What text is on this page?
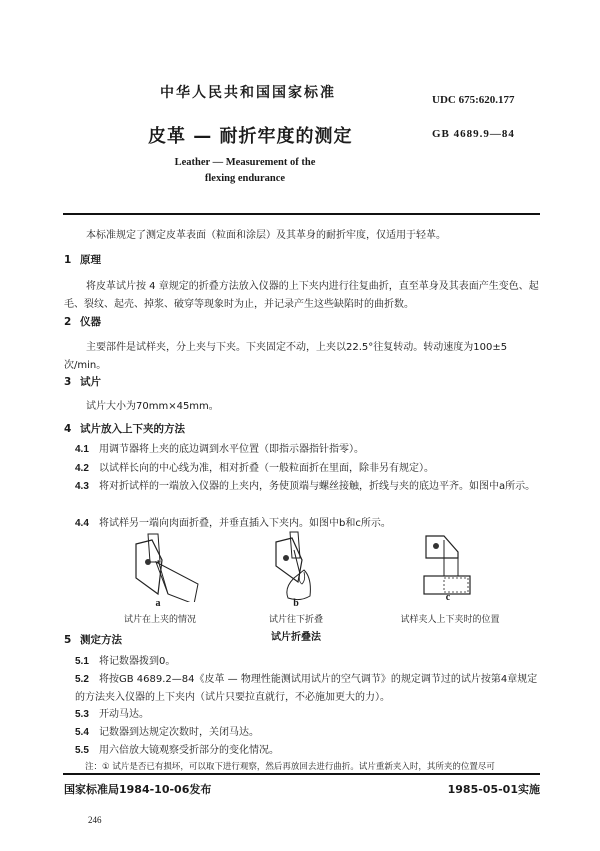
中华人民共和国国家标准	UDC 675:620.177
皮革 — 耐折牢度的测定	GB 4689.9—84
Leather — Measurement of the
flexing endurance
本标准规定了测定皮革表面（粒面和涂层）及其革身的耐折牢度，仅适用于轻革。
1 原理
将皮革试片按 4 章规定的折叠方法放入仪器的上下夹内进行往复曲折，直至革身及其表面产生变色、起毛、裂纹、起壳、掉浆、破穿等现象时为止，并记录产生这些缺陷时的曲折数。
2 仪器
主要部件是试样夹，分上夹与下夹。下夹固定不动，上夹以22.5°往复转动。转动速度为100±5次/min。
3 试片
试片大小为70mm×45mm。
4 试片放入上下夹的方法
4.1 用调节器将上夹的底边调到水平位置（即指示器指针指零）。
4.2 以试样长向的中心线为准，相对折叠（一般粒面折在里面，除非另有规定）。
4.3 将对折试样的一端放入仪器的上夹内，务使顶端与螺丝接触，折线与夹的底边平齐。如图中a所示。
4.4 将试样另一端向肉面折叠，并垂直插入下夹内。如图中b和c所示。
a
试片在上夹的情况
b
试片往下折叠
c
试样夹人上下夹时的位置
试片折叠法
5 测定方法
5.1 将记数器拨到0。
5.2 将按GB 4689.2—84《皮革 — 物理性能测试用试片的空气调节》的规定调节过的试片按第4章规定的方法夹入仪器的上下夹内（试片只要拉直就行，不必施加更大的力）。
5.3 开动马达。
5.4 记数器到达规定次数时，关闭马达。
5.5 用六倍放大镜观察受折部分的变化情况。
注：① 试片是否已有损坏，可以取下进行观察，然后再放回去进行曲折。试片重新夹入时，其所夹的位置尽可
国家标准局1984-10-06发布	1985-05-01实施
246
